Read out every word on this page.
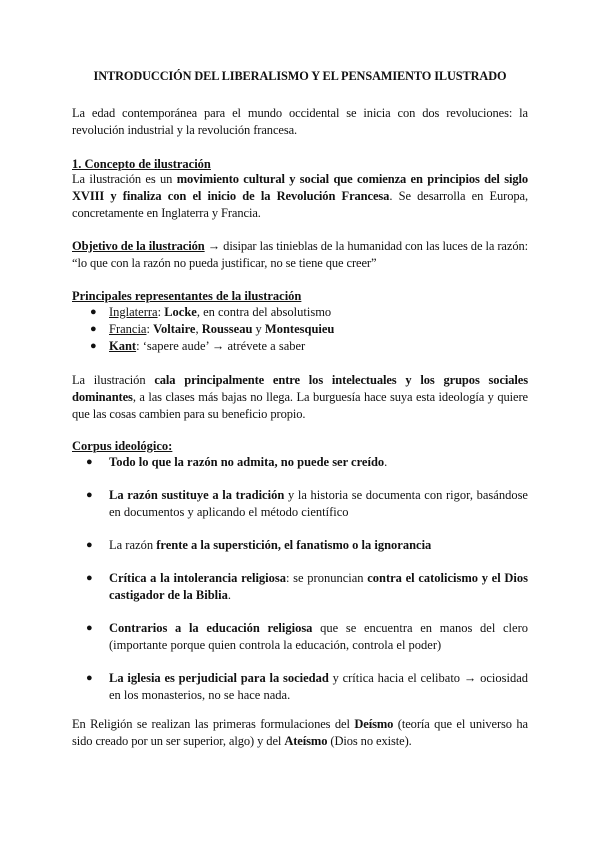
INTRODUCCIÓN DEL LIBERALISMO Y EL PENSAMIENTO ILUSTRADO
La edad contemporánea para el mundo occidental se inicia con dos revoluciones: la revolución industrial y la revolución francesa.
1. Concepto de ilustración
La ilustración es un movimiento cultural y social que comienza en principios del siglo XVIII y finaliza con el inicio de la Revolución Francesa. Se desarrolla en Europa, concretamente en Inglaterra y Francia.
Objetivo de la ilustración → disipar las tinieblas de la humanidad con las luces de la razón: “lo que con la razón no pueda justificar, no se tiene que creer”
Principales representantes de la ilustración
● Inglaterra: Locke, en contra del absolutismo
● Francia: Voltaire, Rousseau y Montesquieu
● Kant: ‘sapere aude’ → atrévete a saber
La ilustración cala principalmente entre los intelectuales y los grupos sociales dominantes, a las clases más bajas no llega. La burguesía hace suya esta ideología y quiere que las cosas cambien para su beneficio propio.
Corpus ideológico:
● Todo lo que la razón no admita, no puede ser creído.
● La razón sustituye a la tradición y la historia se documenta con rigor, basándose en documentos y aplicando el método científico
● La razón frente a la superstición, el fanatismo o la ignorancia
● Crítica a la intolerancia religiosa: se pronuncian contra el catolicismo y el Dios castigador de la Biblia.
● Contrarios a la educación religiosa que se encuentra en manos del clero (importante porque quien controla la educación, controla el poder)
● La iglesia es perjudicial para la sociedad y crítica hacia el celibato → ociosidad en los monasterios, no se hace nada.
En Religión se realizan las primeras formulaciones del Deísmo (teoría que el universo ha sido creado por un ser superior, algo) y del Ateísmo (Dios no existe).
